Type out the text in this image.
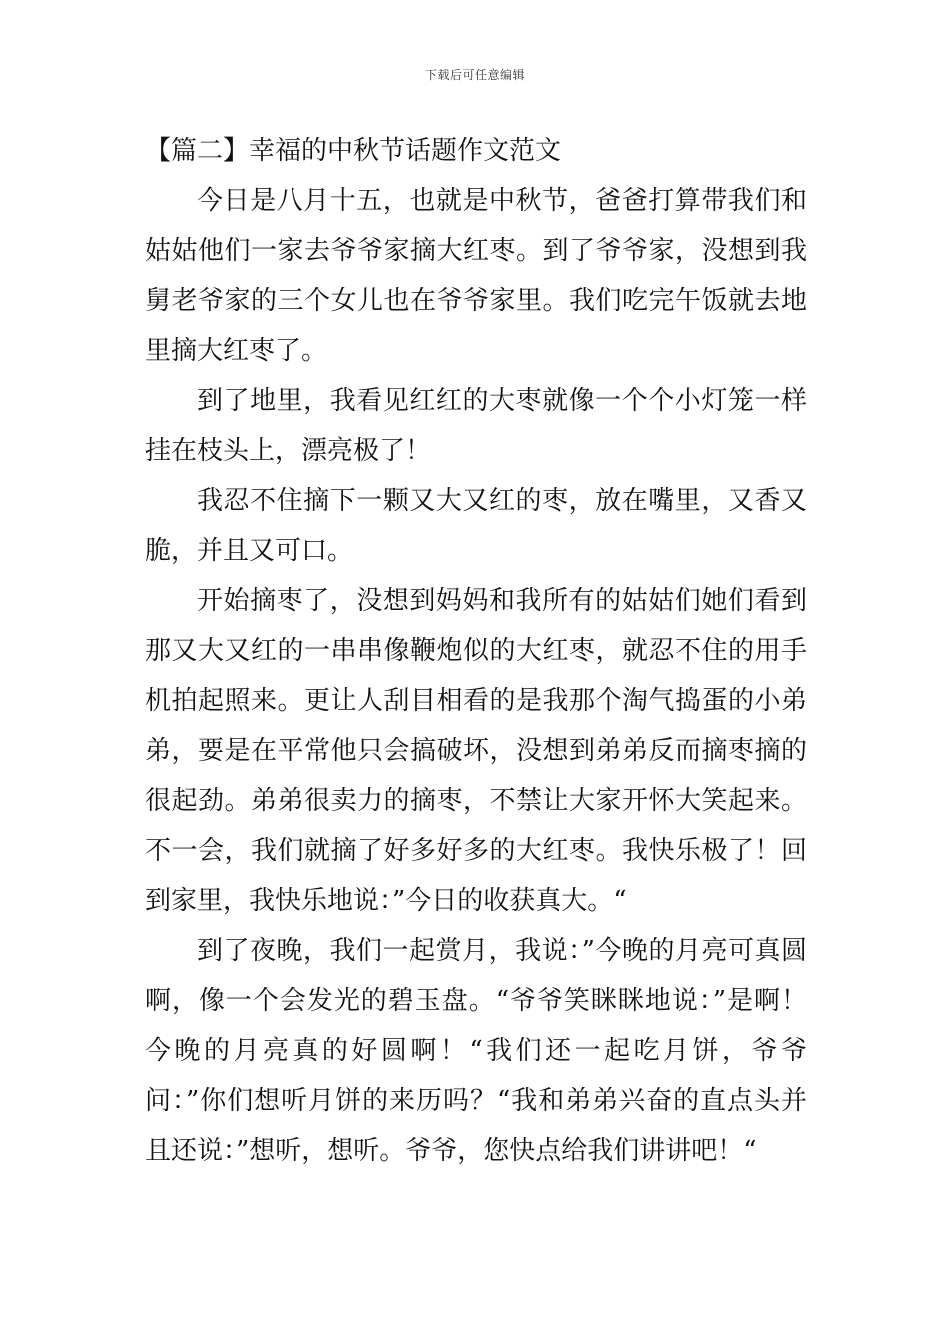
下载后可任意编辑
【篇二】幸福的中秋节话题作文范文

今日是八月十五，也就是中秋节，爸爸打算带我们和姑姑他们一家去爷爷家摘大红枣。到了爷爷家，没想到我舅老爷家的三个女儿也在爷爷家里。我们吃完午饭就去地里摘大红枣了。

到了地里，我看见红红的大枣就像一个个小灯笼一样挂在枝头上，漂亮极了！

我忍不住摘下一颗又大又红的枣，放在嘴里，又香又脆，并且又可口。

开始摘枣了，没想到妈妈和我所有的姑姑们她们看到那又大又红的一串串像鞭炮似的大红枣，就忍不住的用手机拍起照来。更让人刮目相看的是我那个淘气捣蛋的小弟弟，要是在平常他只会搞破坏，没想到弟弟反而摘枣摘的很起劲。弟弟很卖力的摘枣，不禁让大家开怀大笑起来。不一会，我们就摘了好多好多的大红枣。我快乐极了！回到家里，我快乐地说：”今日的收获真大。“

到了夜晚，我们一起赏月，我说：”今晚的月亮可真圆啊，像一个会发光的碧玉盘。“爷爷笑眯眯地说：”是啊！今晚的月亮真的好圆啊！“我们还一起吃月饼，爷爷问：”你们想听月饼的来历吗？“我和弟弟兴奋的直点头并且还说：”想听，想听。爷爷，您快点给我们讲讲吧！“
